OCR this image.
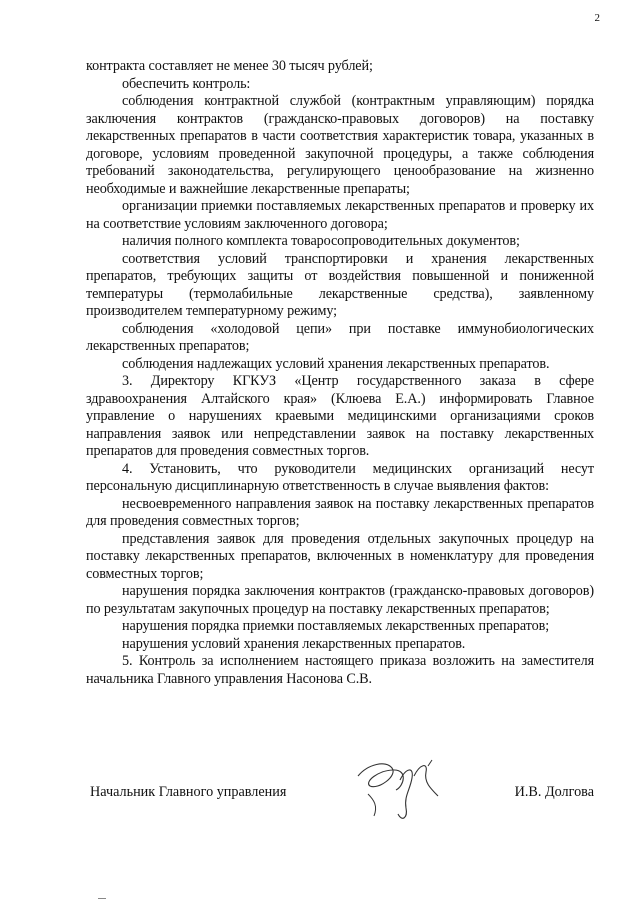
2

контракта составляет не менее 30 тысяч рублей;

обеспечить контроль:

соблюдения контрактной службой (контрактным управляющим) порядка заключения контрактов (гражданско-правовых договоров) на поставку лекарственных препаратов в части соответствия характеристик товара, указанных в договоре, условиям проведенной закупочной процедуры, а также соблюдения требований законодательства, регулирующего ценообразование на жизненно необходимые и важнейшие лекарственные препараты;

организации приемки поставляемых лекарственных препаратов и проверку их на соответствие условиям заключенного договора;

наличия полного комплекта товаросопроводительных документов;

соответствия условий транспортировки и хранения лекарственных препаратов, требующих защиты от воздействия повышенной и пониженной температуры (термолабильные лекарственные средства), заявленному производителем температурному режиму;

соблюдения «холодовой цепи» при поставке иммунобиологических лекарственных препаратов;

соблюдения надлежащих условий хранения лекарственных препаратов.

3. Директору КГКУЗ «Центр государственного заказа в сфере здравоохранения Алтайского края» (Клюева Е.А.) информировать Главное управление о нарушениях краевыми медицинскими организациями сроков направления заявок или непредставлении заявок на поставку лекарственных препаратов для проведения совместных торгов.

4. Установить, что руководители медицинских организаций несут персональную дисциплинарную ответственность в случае выявления фактов:

несвоевременного направления заявок на поставку лекарственных препаратов для проведения совместных торгов;

представления заявок для проведения отдельных закупочных процедур на поставку лекарственных препаратов, включенных в номенклатуру для проведения совместных торгов;

нарушения порядка заключения контрактов (гражданско-правовых договоров) по результатам закупочных процедур на поставку лекарственных препаратов;

нарушения порядка приемки поставляемых лекарственных препаратов;

нарушения условий хранения лекарственных препаратов.

5. Контроль за исполнением настоящего приказа возложить на заместителя начальника Главного управления Насонова С.В.

Начальник Главного управления	И.В. Долгова
